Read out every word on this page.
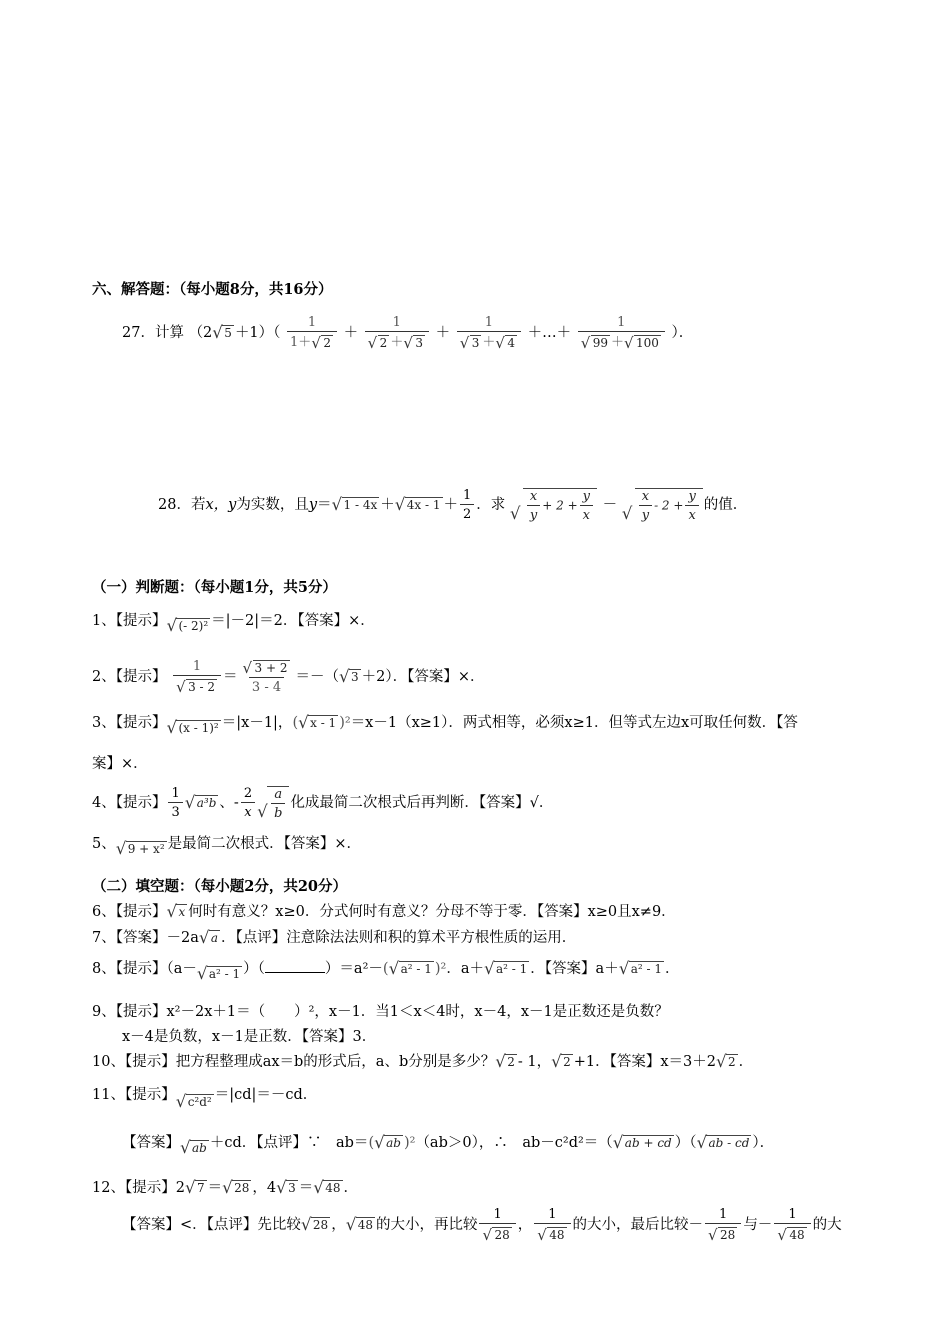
六、解答题：（每小题8分，共16分）
27．计算 （2 √ $5 +1)( \frac{1}{1+ √ 2} + 1$
√ 2 ＋ √ 3 ＋ 1
√ 3 ＋ √ 4 ＋…＋ 1
√ 99 ＋ √ 100 ）．
28．若x，y为实数，且y＝ √ 1 - 4x ＋ √ $4x - 1 + \frac{1}{2}$ ．求 √ $\frac{x}{y} + 2 + \frac{y}{x}$ － √ $\frac{x}{y} - 2 + \frac{y}{x}$ 的值．
（一）判断题：（每小题1分，共5分）
1、【提示】 √ (- 2)² ＝|－2|＝2．【答案】×．
2、【提示】 1
√ 3 - 2 ＝ √ $\frac{3 + 2}{3 - 4}$ ＝－（ √ 3 ＋2）．【答案】×．
3、【提示】 √ (x - 1)² ＝|x－1|，( √ x - 1 )²＝x－1（x≥1）．两式相等，必须x≥1．但等式左边x可取任何数．【答
案】×．
4、【提示】 $\frac{1}{3}$ √ a³b 、- $\frac{2}{x}$ √ $\frac{a}{b}$ 化成最简二次根式后再判断．【答案】√．
5、 √ 9 + x² 是最简二次根式．【答案】×．
（二）填空题：（每小题2分，共20分）
6、【提示】 √ x 何时有意义？x≥0．分式何时有意义？分母不等于零．【答案】x≥0且x≠9．
7、【答案】－2a √ a ．【点评】注意除法法则和积的算术平方根性质的运用．
8、【提示】（a－ √ a² - 1 ）（	）＝a²－( √ a² - 1 )²．a＋ √ a² - 1 ．【答案】a＋ √ a² - 1 ．
9、【提示】x²－2x＋1＝（　　）²，x－1．当1＜x＜4时，x－4，x－1是正数还是负数？
x－4是负数，x－1是正数．【答案】3．
10、【提示】把方程整理成ax＝b的形式后，a、b分别是多少？ √ 2 - 1， √ 2 +1．【答案】x＝3＋2 √ 2 ．
11、【提示】 √ c²d² ＝|cd|＝－cd．
【答案】 √ ab ＋cd．【点评】∵　ab＝( √ ab )²（ab＞0），∴　ab－c²d²＝（ √ ab + cd ）（ √ ab - cd ）．
12、【提示】2 √ 7 ＝ √ 28 ，4 √ 3 ＝ √ 48 ．
【答案】<．【点评】先比较 √ 28 ， √ 48 的大小，再比较 1
√ 28 ， 1
√ 48 的大小，最后比较－ 1
√ 28 与－ 1
√ 48 的大
